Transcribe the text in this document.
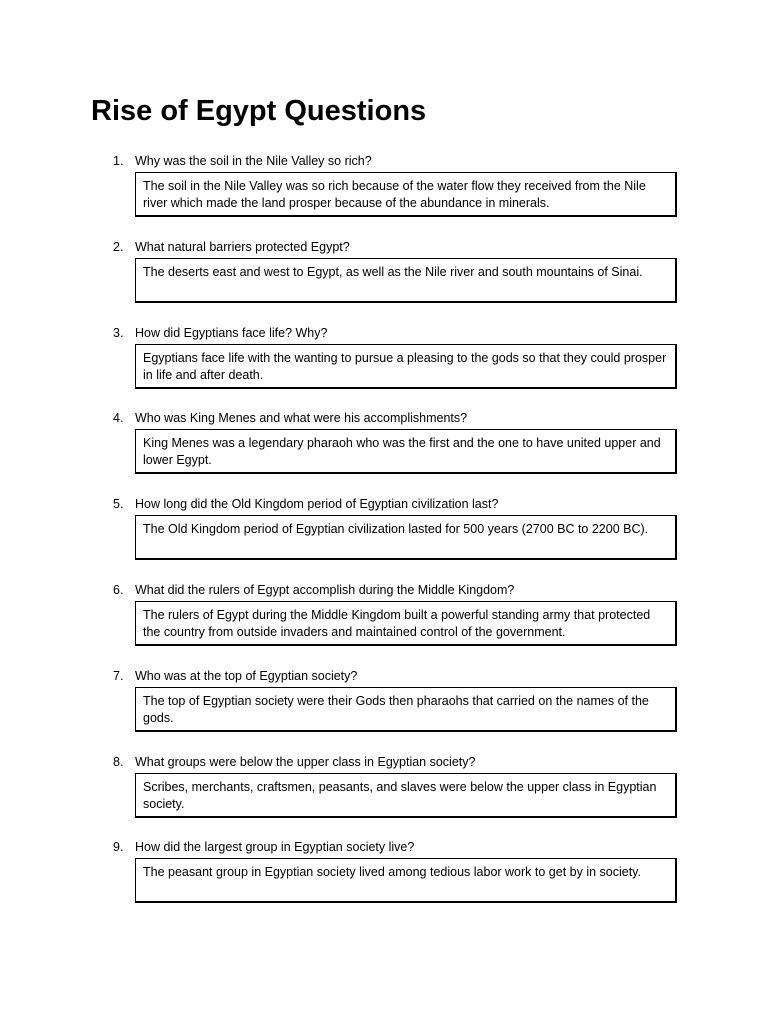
Rise of Egypt Questions
1. Why was the soil in the Nile Valley so rich?
The soil in the Nile Valley was so rich because of the water flow they received from the Nile river which made the land prosper because of the abundance in minerals.
2. What natural barriers protected Egypt?
The deserts east and west to Egypt, as well as the Nile river and south mountains of Sinai.
3. How did Egyptians face life? Why?
Egyptians face life with the wanting to pursue a pleasing to the gods so that they could prosper in life and after death.
4. Who was King Menes and what were his accomplishments?
King Menes was a legendary pharaoh who was the first and the one to have united upper and lower Egypt.
5. How long did the Old Kingdom period of Egyptian civilization last?
The Old Kingdom period of Egyptian civilization lasted for 500 years (2700 BC to 2200 BC).
6. What did the rulers of Egypt accomplish during the Middle Kingdom?
The rulers of Egypt during the Middle Kingdom built a powerful standing army that protected the country from outside invaders and maintained control of the government.
7. Who was at the top of Egyptian society?
The top of Egyptian society were their Gods then pharaohs that carried on the names of the gods.
8. What groups were below the upper class in Egyptian society?
Scribes, merchants, craftsmen, peasants, and slaves were below the upper class in Egyptian society.
9. How did the largest group in Egyptian society live?
The peasant group in Egyptian society lived among tedious labor work to get by in society.
